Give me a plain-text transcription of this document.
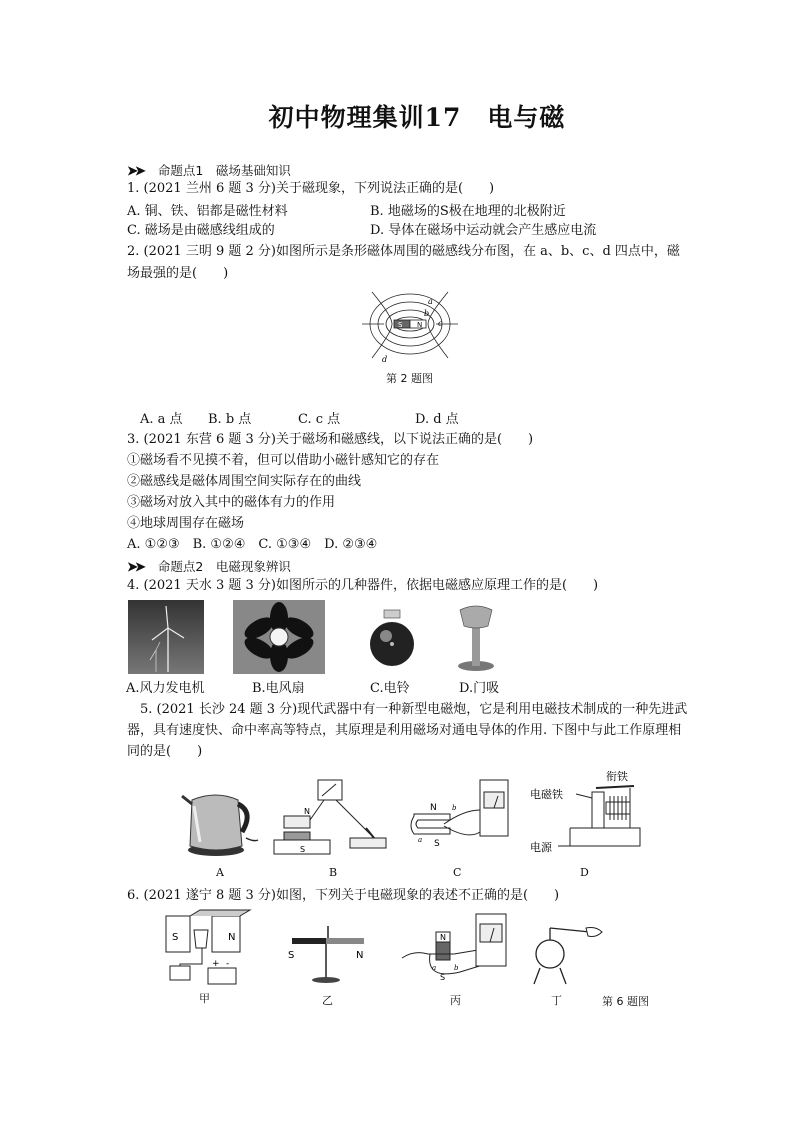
初中物理集训17　电与磁
➤➤ 命题点1　磁场基础知识
1. (2021 兰州 6 题 3 分)关于磁现象，下列说法正确的是(　　)
A. 铜、铁、铝都是磁性材料	B. 地磁场的S极在地理的北极附近
C. 磁场是由磁感线组成的	D. 导体在磁场中运动就会产生感应电流
2. (2021 三明 9 题 2 分)如图所示是条形磁体周围的磁感线分布图，在 a、b、c、d 四点中，磁
场最强的是(　　)
S N
a
b
c
d
第 2 题图
A. a 点 B. b 点	C. c 点	D. d 点
3. (2021 东营 6 题 3 分)关于磁场和磁感线，以下说法正确的是(　　)
①磁场看不见摸不着，但可以借助小磁针感知它的存在
②磁感线是磁体周围空间实际存在的曲线
③磁场对放入其中的磁体有力的作用
④地球周围存在磁场
A. ①②③　B. ①②④　C. ①③④　D. ②③④
➤➤ 命题点2　电磁现象辨识
4. (2021 天水 3 题 3 分)如图所示的几种器件，依据电磁感应原理工作的是(　　)
A.风力发电机	B.电风扇	C.电铃	D.门吸
5. (2021 长沙 24 题 3 分)现代武器中有一种新型电磁炮，它是利用电磁技术制成的一种先进武
器，具有速度快、命中率高等特点，其原理是利用磁场对通电导体的作用. 下图中与此工作原理相
同的是(　　)
N
S
N
S
b
a
衔铁
电磁铁
电源
A	B	C	D
6. (2021 遂宁 8 题 3 分)如图，下列关于电磁现象的表述不正确的是(　　)
S	N
+ -
S	N
N
S
a	b
甲	乙	丙	丁	第 6 题图
